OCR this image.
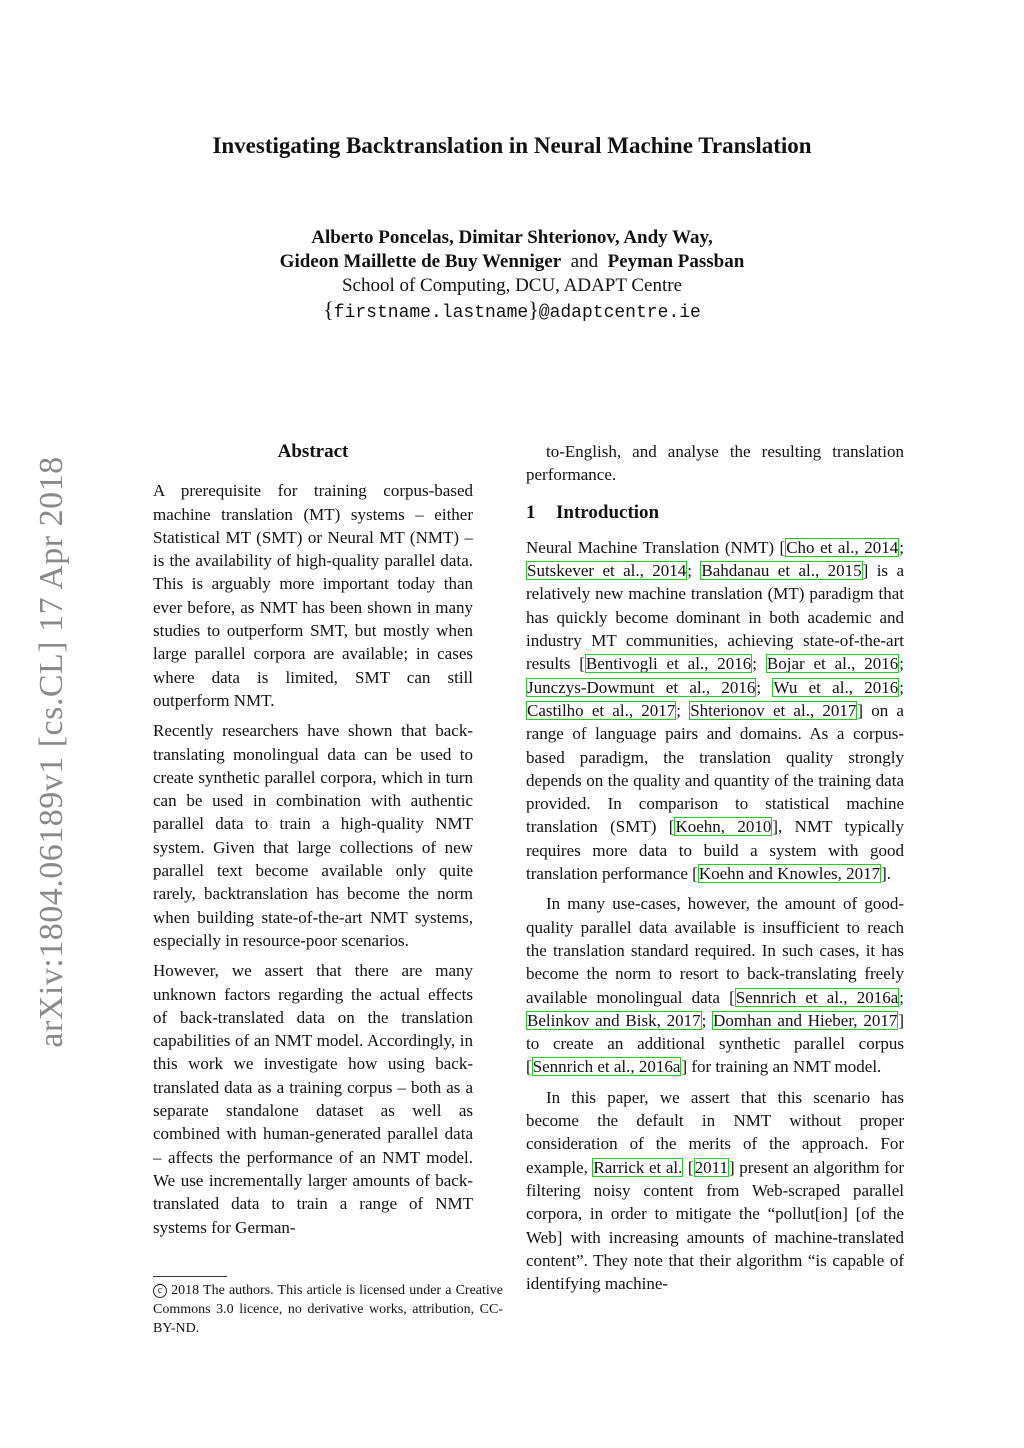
Investigating Backtranslation in Neural Machine Translation
Alberto Poncelas, Dimitar Shterionov, Andy Way,
Gideon Maillette de Buy Wenniger and Peyman Passban
School of Computing, DCU, ADAPT Centre
{firstname.lastname}@adaptcentre.ie
arXiv:1804.06189v1 [cs.CL] 17 Apr 2018
Abstract

A prerequisite for training corpus-based machine translation (MT) systems – either Statistical MT (SMT) or Neural MT (NMT) – is the availability of high-quality parallel data. This is arguably more important today than ever before, as NMT has been shown in many studies to outperform SMT, but mostly when large parallel corpora are available; in cases where data is limited, SMT can still outperform NMT.

Recently researchers have shown that back-translating monolingual data can be used to create synthetic parallel corpora, which in turn can be used in combination with authentic parallel data to train a high-quality NMT system. Given that large collections of new parallel text become available only quite rarely, backtranslation has become the norm when building state-of-the-art NMT systems, especially in resource-poor scenarios.

However, we assert that there are many unknown factors regarding the actual effects of back-translated data on the translation capabilities of an NMT model. Accordingly, in this work we investigate how using back-translated data as a training corpus – both as a separate standalone dataset as well as combined with human-generated parallel data – affects the performance of an NMT model. We use incrementally larger amounts of back-translated data to train a range of NMT systems for German-

c 2018 The authors. This article is licensed under a Creative Commons 3.0 licence, no derivative works, attribution, CC-BY-ND.

to-English, and analyse the resulting translation performance.

1 Introduction

Neural Machine Translation (NMT) [Cho et al., 2014; Sutskever et al., 2014; Bahdanau et al., 2015] is a relatively new machine translation (MT) paradigm that has quickly become dominant in both academic and industry MT communities, achieving state-of-the-art results [Bentivogli et al., 2016; Bojar et al., 2016; Junczys-Dowmunt et al., 2016; Wu et al., 2016; Castilho et al., 2017; Shterionov et al., 2017] on a range of language pairs and domains. As a corpus-based paradigm, the translation quality strongly depends on the quality and quantity of the training data provided. In comparison to statistical machine translation (SMT) [Koehn, 2010], NMT typically requires more data to build a system with good translation performance [Koehn and Knowles, 2017].

In many use-cases, however, the amount of good-quality parallel data available is insufficient to reach the translation standard required. In such cases, it has become the norm to resort to back-translating freely available monolingual data [Sennrich et al., 2016a; Belinkov and Bisk, 2017; Domhan and Hieber, 2017] to create an additional synthetic parallel corpus [Sennrich et al., 2016a] for training an NMT model.

In this paper, we assert that this scenario has become the default in NMT without proper consideration of the merits of the approach. For example, Rarrick et al. [2011] present an algorithm for filtering noisy content from Web-scraped parallel corpora, in order to mitigate the “pollut[ion] [of the Web] with increasing amounts of machine-translated content”. They note that their algorithm “is capable of identifying machine-
